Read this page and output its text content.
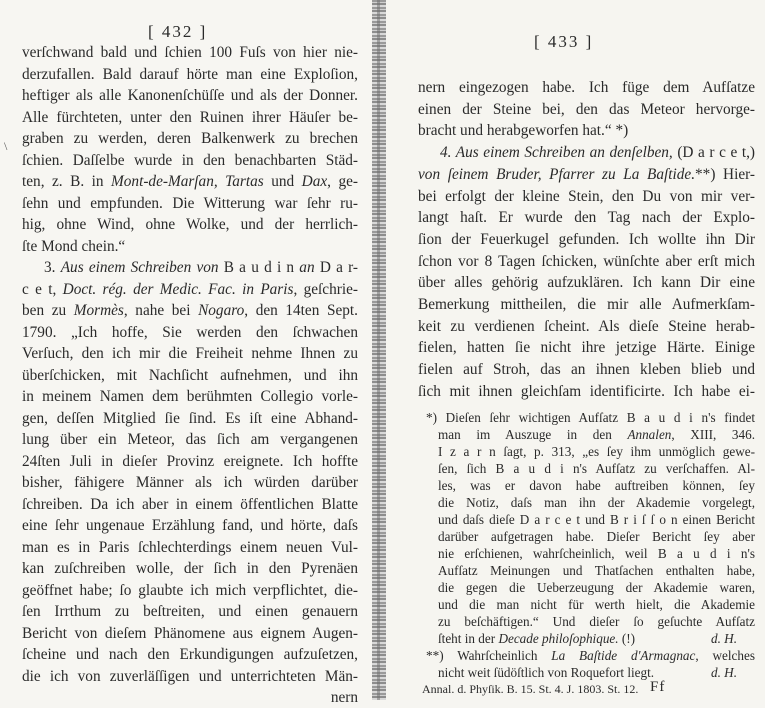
[ 432 ]
\
verſchwand bald und ſchien 100 Fuſs von hier nie-
derzufallen. Bald darauf hörte man eine Exploſion,
heftiger als alle Kanonenſchüſſe und als der Donner.
Alle fürchteten, unter den Ruinen ihrer Häuſer be-
graben zu werden, deren Balkenwerk zu brechen
ſchien. Daſſelbe wurde in den benachbarten Städ-
ten, z. B. in Mont-de-Marſan, Tartas und Dax, ge-
ſehn und empfunden. Die Witterung war ſehr ru-
hig, ohne Wind, ohne Wolke, und der herrlich-
ſte Mond chein.“
3. Aus einem Schreiben von B a u d i n an D a r-
c e t, Doct. rég. der Medic. Fac. in Paris, geſchrie-
ben zu Mormès, nahe bei Nogaro, den 14ten Sept.
1790. „Ich hoffe, Sie werden den ſchwachen
Verſuch, den ich mir die Freiheit nehme Ihnen zu
überſchicken, mit Nachſicht aufnehmen, und ihn
in meinem Namen dem berühmten Collegio vorle-
gen, deſſen Mitglied ſie ſind. Es iſt eine Abhand-
lung über ein Meteor, das ſich am vergangenen
24ſten Juli in dieſer Provinz ereignete. Ich hoffte
bisher, fähigere Männer als ich würden darüber
ſchreiben. Da ich aber in einem öffentlichen Blatte
eine ſehr ungenaue Erzählung fand, und hörte, daſs
man es in Paris ſchlechterdings einem neuen Vul-
kan zuſchreiben wolle, der ſich in den Pyrenäen
geöffnet habe; ſo glaubte ich mich verpflichtet, die-
ſen Irrthum zu beſtreiten, und einen genauern
Bericht von dieſem Phänomene aus eignem Augen-
ſcheine und nach den Erkundigungen aufzuſetzen,
die ich von zuverläſſigen und unterrichteten Män-
nern
[ 433 ]
nern eingezogen habe. Ich füge dem Aufſatze
einen der Steine bei, den das Meteor hervorge-
bracht und herabgeworfen hat.“ *)
4. Aus einem Schreiben an denſelben, (D a r c e t,)
von ſeinem Bruder, Pfarrer zu La Baſtide.**) Hier-
bei erfolgt der kleine Stein, den Du von mir ver-
langt haſt. Er wurde den Tag nach der Explo-
ſion der Feuerkugel gefunden. Ich wollte ihn Dir
ſchon vor 8 Tagen ſchicken, wünſchte aber erſt mich
über alles gehörig aufzuklären. Ich kann Dir eine
Bemerkung mittheilen, die mir alle Aufmerkſam-
keit zu verdienen ſcheint. Als dieſe Steine herab-
fielen, hatten ſie nicht ihre jetzige Härte. Einige
fielen auf Stroh, das an ihnen kleben blieb und
ſich mit ihnen gleichſam identificirte. Ich habe ei-
*) Dieſen ſehr wichtigen Aufſatz B a u d i n's findet
man im Auszuge in den Annalen, XIII, 346.
I z a r n ſagt, p. 313, „es ſey ihm unmöglich gewe-
ſen, ſich B a u d i n's Aufſatz zu verſchaffen. Al-
les, was er davon habe auftreiben können, ſey
die Notiz, daſs man ihn der Akademie vorgelegt,
und daſs dieſe D a r c e t und B r i ſ ſ o n einen Bericht
darüber aufgetragen habe. Dieſer Bericht ſey aber
nie erſchienen, wahrſcheinlich, weil B a u d i n's
Aufſatz Meinungen und Thatſachen enthalten habe,
die gegen die Ueberzeugung der Akademie waren,
und die man nicht für werth hielt, die Akademie
zu beſchäftigen.“ Und dieſer ſo geſuchte Aufſatz
ſteht in der Decade philoſophique. (!)	d. H.
**) Wahrſcheinlich La Baſtide d'Armagnac, welches
nicht weit ſüdöſtlich von Roquefort liegt.	d. H.
Annal. d. Phyſik. B. 15. St. 4. J. 1803. St. 12. Ff
